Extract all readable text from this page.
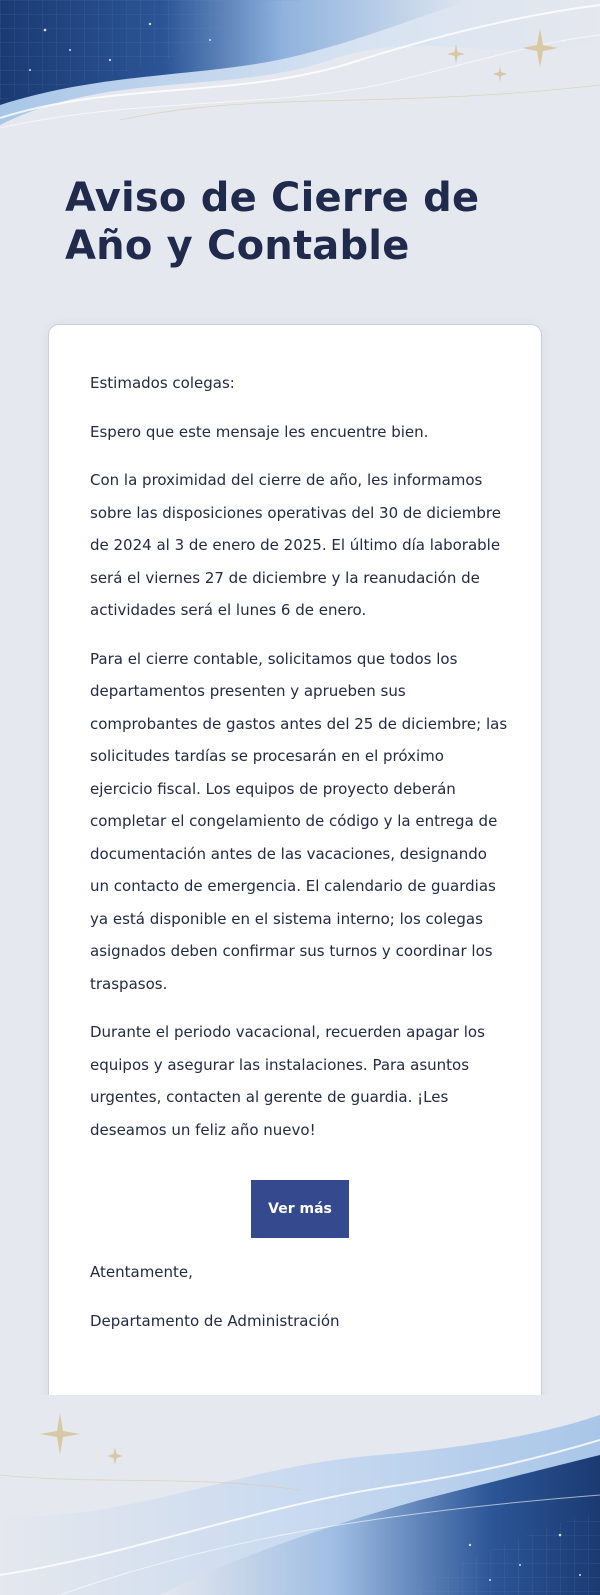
Aviso de Cierre de Año y Contable

Estimados colegas:

Espero que este mensaje les encuentre bien.

Con la proximidad del cierre de año, les informamos sobre las disposiciones operativas del 30 de diciembre de 2024 al 3 de enero de 2025. El último día laborable será el viernes 27 de diciembre y la reanudación de actividades será el lunes 6 de enero.

Para el cierre contable, solicitamos que todos los departamentos presenten y aprueben sus comprobantes de gastos antes del 25 de diciembre; las solicitudes tardías se procesarán en el próximo ejercicio fiscal. Los equipos de proyecto deberán completar el congelamiento de código y la entrega de documentación antes de las vacaciones, designando un contacto de emergencia. El calendario de guardias ya está disponible en el sistema interno; los colegas asignados deben confirmar sus turnos y coordinar los traspasos.

Durante el periodo vacacional, recuerden apagar los equipos y asegurar las instalaciones. Para asuntos urgentes, contacten al gerente de guardia. ¡Les deseamos un feliz año nuevo!

Ver más

Atentamente,

Departamento de Administración
